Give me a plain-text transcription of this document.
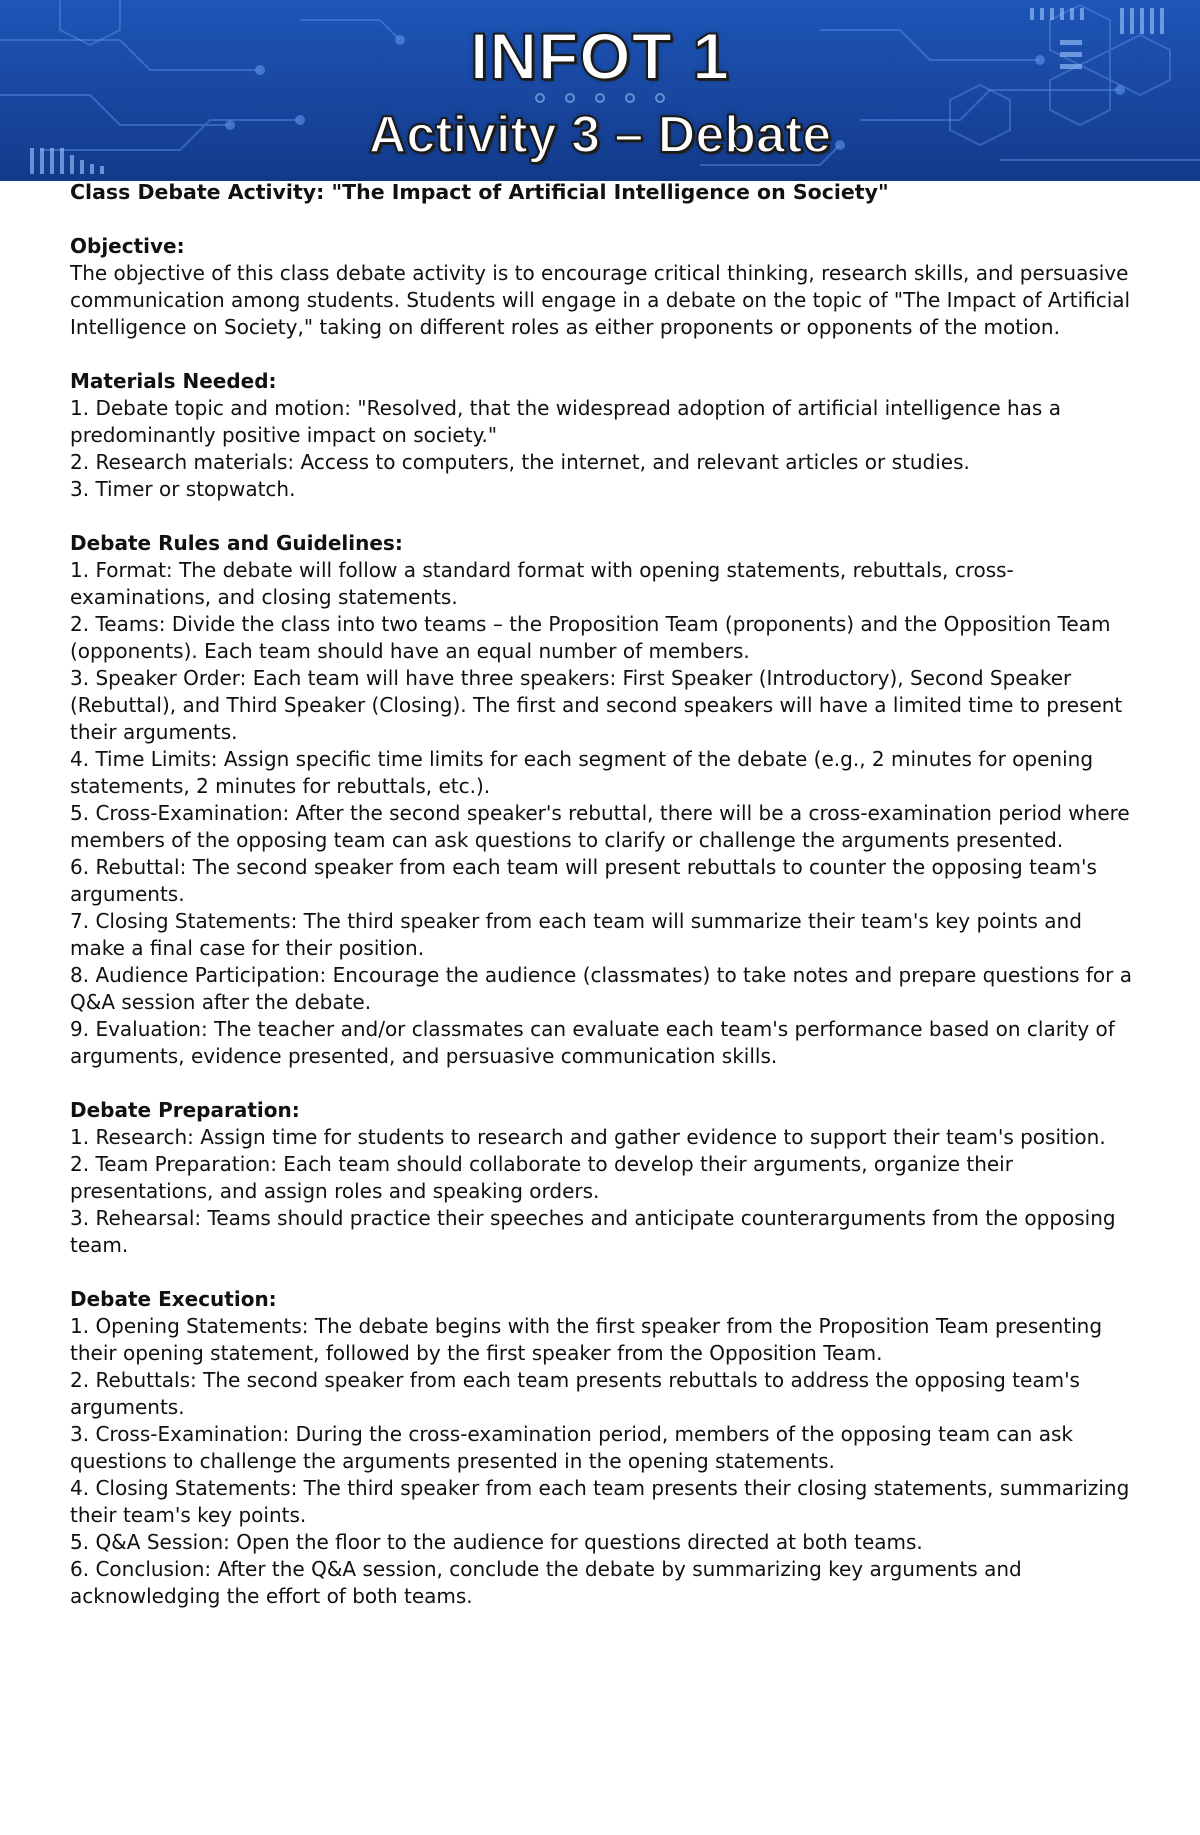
INFOT 1
Activity 3 – Debate

Class Debate Activity: "The Impact of Artificial Intelligence on Society"

Objective:

The objective of this class debate activity is to encourage critical thinking, research skills, and persuasive communication among students. Students will engage in a debate on the topic of "The Impact of Artificial Intelligence on Society," taking on different roles as either proponents or opponents of the motion.

Materials Needed:

1. Debate topic and motion: "Resolved, that the widespread adoption of artificial intelligence has a predominantly positive impact on society."
2. Research materials: Access to computers, the internet, and relevant articles or studies.
3. Timer or stopwatch.

Debate Rules and Guidelines:

1. Format: The debate will follow a standard format with opening statements, rebuttals, cross-examinations, and closing statements.
2. Teams: Divide the class into two teams – the Proposition Team (proponents) and the Opposition Team (opponents). Each team should have an equal number of members.
3. Speaker Order: Each team will have three speakers: First Speaker (Introductory), Second Speaker (Rebuttal), and Third Speaker (Closing). The first and second speakers will have a limited time to present their arguments.
4. Time Limits: Assign specific time limits for each segment of the debate (e.g., 2 minutes for opening statements, 2 minutes for rebuttals, etc.).
5. Cross-Examination: After the second speaker's rebuttal, there will be a cross-examination period where members of the opposing team can ask questions to clarify or challenge the arguments presented.
6. Rebuttal: The second speaker from each team will present rebuttals to counter the opposing team's arguments.
7. Closing Statements: The third speaker from each team will summarize their team's key points and make a final case for their position.
8. Audience Participation: Encourage the audience (classmates) to take notes and prepare questions for a Q&A session after the debate.
9. Evaluation: The teacher and/or classmates can evaluate each team's performance based on clarity of arguments, evidence presented, and persuasive communication skills.

Debate Preparation:

1. Research: Assign time for students to research and gather evidence to support their team's position.
2. Team Preparation: Each team should collaborate to develop their arguments, organize their presentations, and assign roles and speaking orders.
3. Rehearsal: Teams should practice their speeches and anticipate counterarguments from the opposing team.

Debate Execution:

1. Opening Statements: The debate begins with the first speaker from the Proposition Team presenting their opening statement, followed by the first speaker from the Opposition Team.
2. Rebuttals: The second speaker from each team presents rebuttals to address the opposing team's arguments.
3. Cross-Examination: During the cross-examination period, members of the opposing team can ask questions to challenge the arguments presented in the opening statements.
4. Closing Statements: The third speaker from each team presents their closing statements, summarizing their team's key points.
5. Q&A Session: Open the floor to the audience for questions directed at both teams.
6. Conclusion: After the Q&A session, conclude the debate by summarizing key arguments and acknowledging the effort of both teams.
